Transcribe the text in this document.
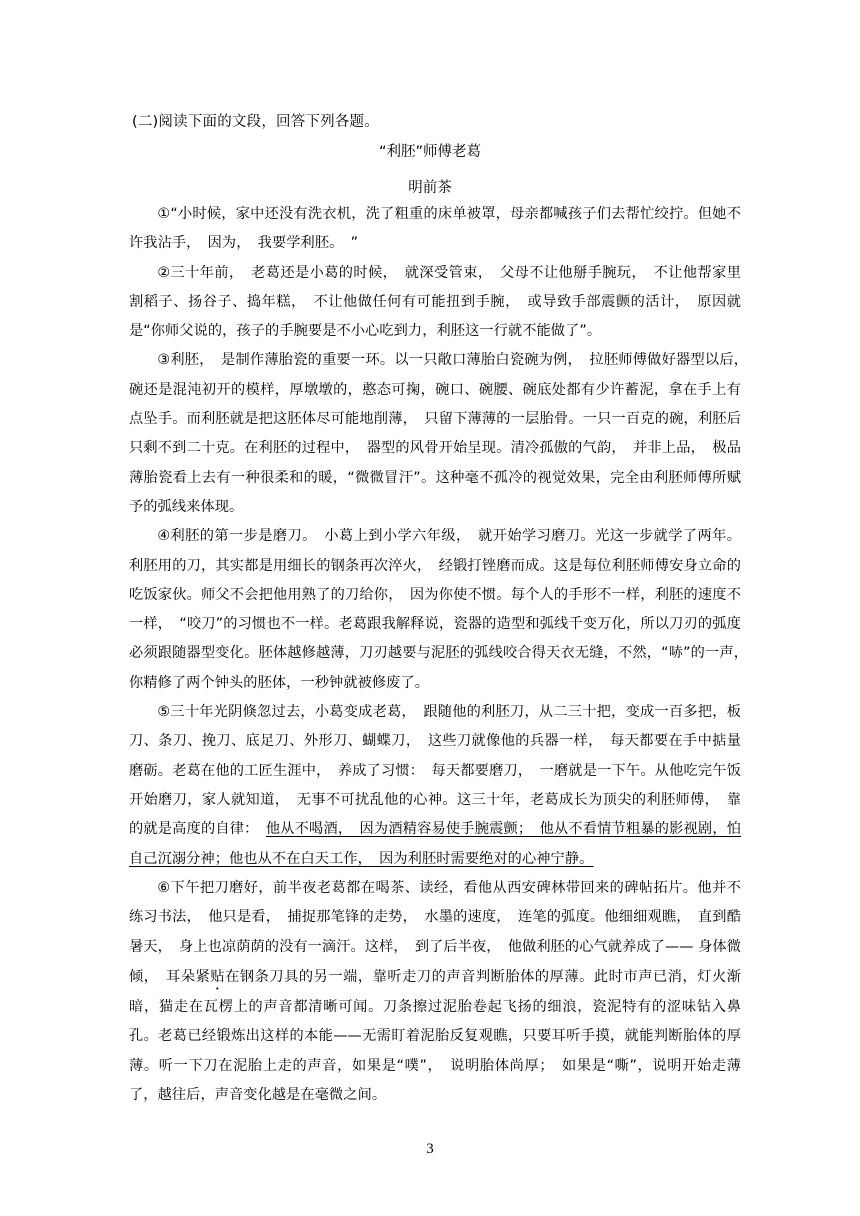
(二)阅读下面的文段，回答下列各题。
“利胚”师傅老葛
明前茶

①“小时候，家中还没有洗衣机，洗了粗重的床单被罩，母亲都喊孩子们去帮忙绞拧。但她不许我沾手，　因为，　我要学利胚。　”

②三十年前，　老葛还是小葛的时候，　就深受管束，　父母不让他掰手腕玩，　不让他帮家里割稻子、扬谷子、捣年糕，　不让他做任何有可能扭到手腕，　或导致手部震颤的活计，　原因就是“你师父说的，孩子的手腕要是不小心吃到力，利胚这一行就不能做了”。

③利胚，　是制作薄胎瓷的重要一环。以一只敞口薄胎白瓷碗为例，　拉胚师傅做好器型以后，　碗还是混沌初开的模样，厚墩墩的，憨态可掬，碗口、碗腰、碗底处都有少许蓄泥，拿在手上有点坠手。而利胚就是把这胚体尽可能地削薄，　只留下薄薄的一层胎骨。一只一百克的碗，利胚后只剩不到二十克。在利胚的过程中，　器型的风骨开始呈现。清冷孤傲的气韵，　并非上品，　极品薄胎瓷看上去有一种很柔和的暖，“微微冒汗”。这种毫不孤冷的视觉效果，完全由利胚师傅所赋予的弧线来体现。

④利胚的第一步是磨刀。　小葛上到小学六年级，　就开始学习磨刀。光这一步就学了两年。利胚用的刀，其实都是用细长的钢条再次淬火，　经锻打锉磨而成。这是每位利胚师傅安身立命的吃饭家伙。师父不会把他用熟了的刀给你，　因为你使不惯。每个人的手形不一样，利胚的速度不一样，　“咬刀”的习惯也不一样。老葛跟我解释说，瓷器的造型和弧线千变万化，所以刀刃的弧度必须跟随器型变化。胚体越修越薄，刀刃越要与泥胚的弧线咬合得天衣无缝，不然，“哧”的一声，　你精修了两个钟头的胚体，一秒钟就被修废了。

⑤三十年光阴倏忽过去，小葛变成老葛，　跟随他的利胚刀，从二三十把，变成一百多把，板刀、条刀、挽刀、底足刀、外形刀、蝴蝶刀，　这些刀就像他的兵器一样，　每天都要在手中掂量磨砺。老葛在他的工匠生涯中，　养成了习惯：　每天都要磨刀，　一磨就是一下午。从他吃完午饭开始磨刀，家人就知道，　无事不可扰乱他的心神。这三十年，老葛成长为顶尖的利胚师傅，　靠的就是高度的自律：　他从不喝酒，　因为酒精容易使手腕震颤；　他从不看情节粗暴的影视剧，怕自己沉溺分神；他也从不在白天工作，　因为利胚时需要绝对的心神宁静。

⑥下午把刀磨好，前半夜老葛都在喝茶、读经，看他从西安碑林带回来的碑帖拓片。他并不练习书法，　他只是看，　捕捉那笔锋的走势，　水墨的速度，　连笔的弧度。他细细观瞧，　直到酷暑天，　身上也凉荫荫的没有一滴汗。这样，　到了后半夜，　他做利胚的心气就养成了—— 身体微倾，　耳朵紧贴在钢条刀具的另一端，靠听走刀的声音判断胎体的厚薄。此时市声已消，灯火渐暗，猫走在瓦楞上的声音都清晰可闻。刀条擦过泥胎卷起飞扬的细浪，瓷泥特有的涩味钻入鼻孔。老葛已经锻炼出这样的本能——无需盯着泥胎反复观瞧，只要耳听手摸，就能判断胎体的厚薄。听一下刀在泥胎上走的声音，如果是“噗”，　说明胎体尚厚；　如果是“嘶”，说明开始走薄了，越往后，声音变化越是在毫微之间。

3
